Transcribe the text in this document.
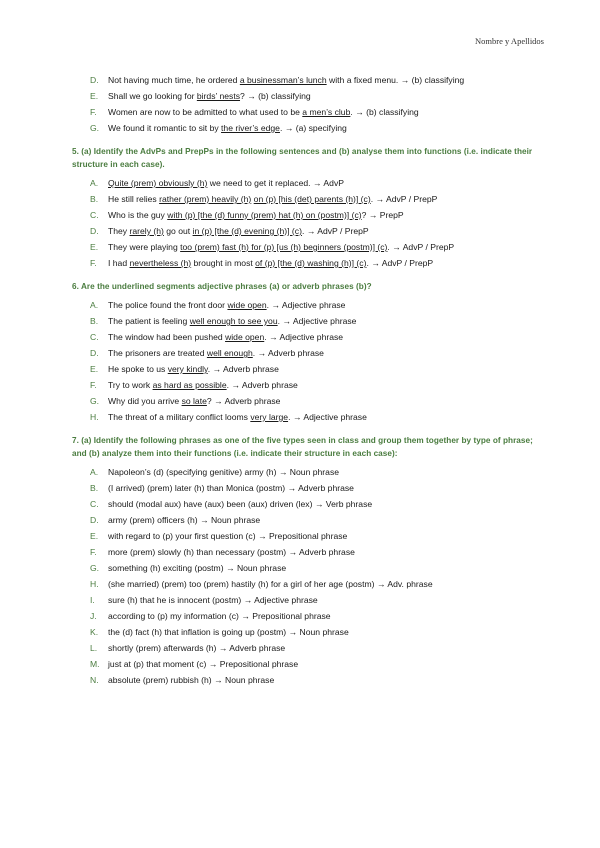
Nombre y Apellidos
D. Not having much time, he ordered a businessman’s lunch with a fixed menu. → (b) classifying
E. Shall we go looking for birds’ nests? → (b) classifying
F. Women are now to be admitted to what used to be a men’s club. → (b) classifying
G. We found it romantic to sit by the river’s edge. → (a) specifying
5. (a) Identify the AdvPs and PrepPs in the following sentences and (b) analyse them into functions (i.e. indicate their structure in each case).
A. Quite (prem) obviously (h) we need to get it replaced. → AdvP
B. He still relies rather (prem) heavily (h) on (p) [his (det) parents (h)] (c). → AdvP / PrepP
C. Who is the guy with (p) [the (d) funny (prem) hat (h) on (postm)] (c)? → PrepP
D. They rarely (h) go out in (p) [the (d) evening (h)] (c). → AdvP / PrepP
E. They were playing too (prem) fast (h) for (p) [us (h) beginners (postm)] (c). → AdvP / PrepP
F. I had nevertheless (h) brought in most of (p) [the (d) washing (h)] (c). → AdvP / PrepP
6. Are the underlined segments adjective phrases (a) or adverb phrases (b)?
A. The police found the front door wide open. → Adjective phrase
B. The patient is feeling well enough to see you. → Adjective phrase
C. The window had been pushed wide open. → Adjective phrase
D. The prisoners are treated well enough. → Adverb phrase
E. He spoke to us very kindly. → Adverb phrase
F. Try to work as hard as possible. → Adverb phrase
G. Why did you arrive so late? → Adverb phrase
H. The threat of a military conflict looms very large. → Adjective phrase
7. (a) Identify the following phrases as one of the five types seen in class and group them together by type of phrase; and (b) analyze them into their functions (i.e. indicate their structure in each case):
A. Napoleon’s (d) (specifying genitive) army (h) → Noun phrase
B. (I arrived) (prem) later (h) than Monica (postm) → Adverb phrase
C. should (modal aux) have (aux) been (aux) driven (lex) → Verb phrase
D. army (prem) officers (h) → Noun phrase
E. with regard to (p) your first question (c) → Prepositional phrase
F. more (prem) slowly (h) than necessary (postm) → Adverb phrase
G. something (h) exciting (postm) → Noun phrase
H. (she married) (prem) too (prem) hastily (h) for a girl of her age (postm) → Adv. phrase
I. sure (h) that he is innocent (postm) → Adjective phrase
J. according to (p) my information (c) → Prepositional phrase
K. the (d) fact (h) that inflation is going up (postm) → Noun phrase
L. shortly (prem) afterwards (h) → Adverb phrase
M. just at (p) that moment (c) → Prepositional phrase
N. absolute (prem) rubbish (h) → Noun phrase
